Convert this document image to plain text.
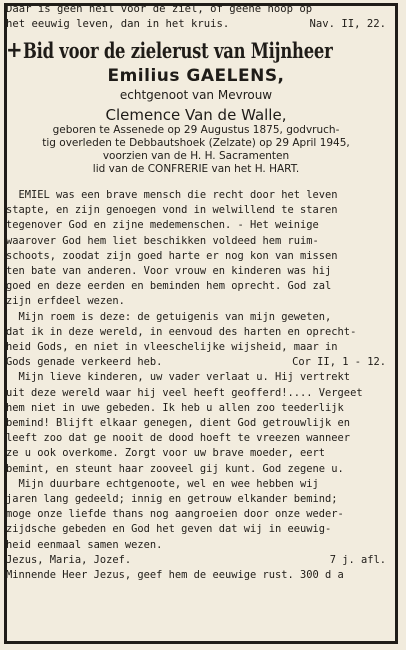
Daar is geen heil voor de ziel, of geene hoop op
het eeuwig leven, dan in het kruis.	Nav. II, 22.
+ Bid voor de zielerust van Mijnheer
Emilius GAELENS,
echtgenoot van Mevrouw
Clemence Van de Walle,
geboren te Assenede op 29 Augustus 1875, godvruch-
tig overleden te Debbautshoek (Zelzate) op 29 April 1945,
voorzien van de H. H. Sacramenten
lid van de CONFRERIE van het H. HART.
EMIEL was een brave mensch die recht door het leven
stapte, en zijn genoegen vond in welwillend te staren
tegenover God en zijne medemenschen. - Het weinige
waarover God hem liet beschikken voldeed hem ruim-
schoots, zoodat zijn goed harte er nog kon van missen
ten bate van anderen. Voor vrouw en kinderen was hij
goed en deze eerden en beminden hem oprecht. God zal
zijn erfdeel wezen.
Mijn roem is deze: de getuigenis van mijn geweten,
dat ik in deze wereld, in eenvoud des harten en oprecht-
heid Gods, en niet in vleeschelijke wijsheid, maar in
Gods genade verkeerd heb.	Cor II, 1 - 12.
Mijn lieve kinderen, uw vader verlaat u. Hij vertrekt
uit deze wereld waar hij veel heeft geofferd!.... Vergeet
hem niet in uwe gebeden. Ik heb u allen zoo teederlijk
bemind! Blijft elkaar genegen, dient God getrouwlijk en
leeft zoo dat ge nooit de dood hoeft te vreezen wanneer
ze u ook overkome. Zorgt voor uw brave moeder, eert
bemint, en steunt haar zooveel gij kunt. God zegene u.
Mijn duurbare echtgenoote, wel en wee hebben wij
jaren lang gedeeld; innig en getrouw elkander bemind;
moge onze liefde thans nog aangroeien door onze weder-
zijdsche gebeden en God het geven dat wij in eeuwig-
heid eenmaal samen wezen.
Jezus, Maria, Jozef.	7 j. afl.
Minnende Heer Jezus, geef hem de eeuwige rust. 300 d a
